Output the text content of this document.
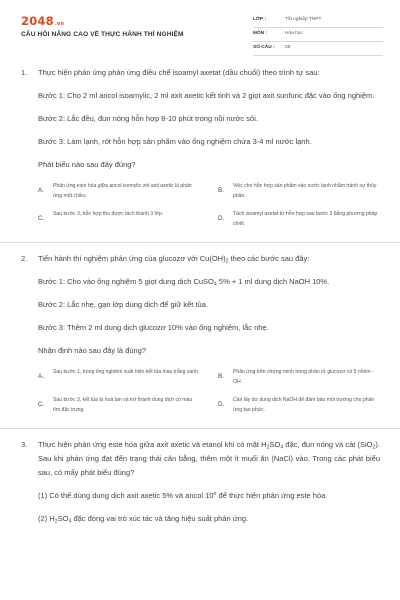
2048.vn
CÂU HỎI NÂNG CAO VỀ THỰC HÀNH THÍ NGHIỆM
LỚP :	Tốt nghiệp THPT
MÔN :	Hóa học
SỐ CÂU : 26
1. Thực hiện phản ứng phản ứng điều chế isoamyl axetat (dầu chuối) theo trình tự sau:
Bước 1: Cho 2 ml ancol isoamylic, 2 ml axit axetic kết tinh và 2 giọt axit sunfuric đặc vào ống nghiệm.
Bước 2: Lắc đều, đun nóng hỗn hợp 8-10 phút trong nồi nước sôi.
Bước 3: Làm lạnh, rót hỗn hợp sản phẩm vào ống nghiệm chứa 3-4 ml nước lạnh.
Phát biểu nào sau đây đúng?
A.
Phản ứng este hóa giữa ancol isomylic với axit axetic là phản ứng một chiều.
B.
Việc cho hỗn hợp sản phẩm vào nước lạnh nhằm tránh sự thủy phân.
C.
Sau bước 3, hỗn hợp thu được tách thành 3 lớp.
D.
Tách isoamyl axetat từ hỗn hợp sau bước 3 bằng phương pháp chiết.
2. Tiến hành thí nghiệm phản ứng của glucozơ với $Cu(OH)_2$ theo các bước sau đây:
Bước 1: Cho vào ống nghiệm 5 giọt dung dịch CuSO$_4$ 5% + 1 ml dung dịch NaOH 10%.
Bước 2: Lắc nhẹ, gạn lớp dung dịch để giữ kết tủa.
Bước 3: Thêm 2 ml dung dịch glucozơ 10% vào ống nghiệm, lắc nhẹ.
Nhận định nào sau đây là đúng?
A.
Sau bước 1, trong ống nghiệm xuất hiện kết tủa màu trắng xanh.
B.
Phản ứng trên chứng minh trong phân tử glucozơ có 5 nhóm -OH.
C.
Sau bước 3, kết tủa bị hoà tan và trở thành dung dịch có màu tím đặc trưng.
D.
Cần lấy dư dung dịch NaOH để đảm bảo môi trường cho phản ứng tạo phức.
3. Thực hiện phản ứng este hóa giữa axit axetic và etanol khi có mặt $H_2SO_4$ đặc, đun nóng và cát (SiO$_2$). Sau khi phản ứng đạt đến trạng thái cân bằng, thêm một ít muối ăn (NaCl) vào. Trong các phát biểu sau, có mấy phát biểu đúng?
(1) Có thể dùng dung dịch axit axetic 5% và ancol 10$^o$ để thực hiện phản ứng este hóa.
(2) $H_2SO_4$ đặc đóng vai trò xúc tác và tăng hiệu suất phản ứng.
